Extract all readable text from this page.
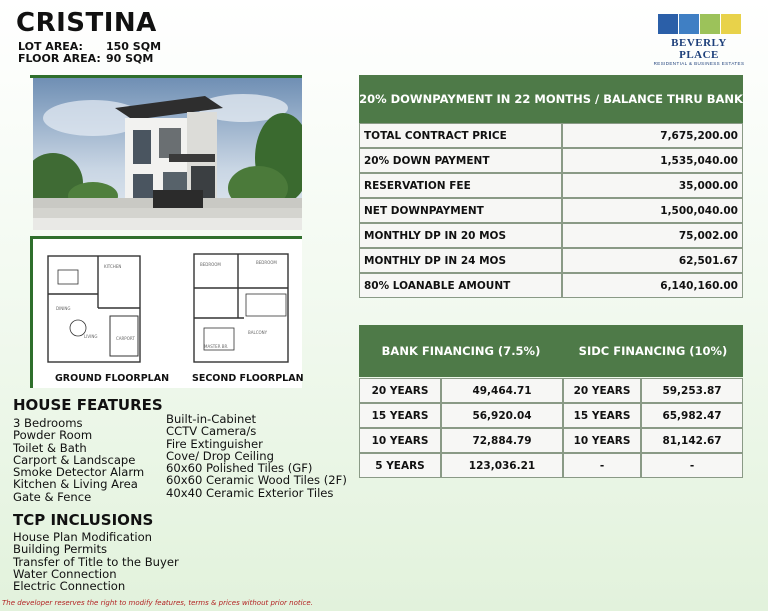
CRISTINA
LOT AREA: 150 SQM
FLOOR AREA: 90 SQM
BEVERLY PLACE
RESIDENTIAL & BUSINESS ESTATES
KITCHEN
DINING
LIVING	CARPORT
BEDROOM	BEDROOM
BALCONY
MASTER BR.
GROUND FLOORPLAN SECOND FLOORPLAN
HOUSE FEATURES
3 Bedrooms
Powder Room
Toilet & Bath
Carport & Landscape
Smoke Detector Alarm
Kitchen & Living Area
Gate & Fence
Built-in-Cabinet
CCTV Camera/s
Fire Extinguisher
Cove/ Drop Ceiling
60x60 Polished Tiles (GF)
60x60 Ceramic Wood Tiles (2F)
40x40 Ceramic Exterior Tiles
TCP INCLUSIONS
House Plan Modification
Building Permits
Transfer of Title to the Buyer
Water Connection
Electric Connection
20% DOWNPAYMENT IN 22 MONTHS / BALANCE THRU BANK
TOTAL CONTRACT PRICE	7,675,200.00
20% DOWN PAYMENT	1,535,040.00
RESERVATION FEE	35,000.00
NET DOWNPAYMENT	1,500,040.00
MONTHLY DP IN 20 MOS	75,002.00
MONTHLY DP IN 24 MOS	62,501.67
80% LOANABLE AMOUNT	6,140,160.00
BANK FINANCING (7.5%)	SIDC FINANCING (10%)
20 YEARS	49,464.71	20 YEARS	59,253.87
15 YEARS	56,920.04	15 YEARS	65,982.47
10 YEARS	72,884.79	10 YEARS	81,142.67
5 YEARS	123,036.21	-	-
The developer reserves the right to modify features, terms & prices without prior notice.
